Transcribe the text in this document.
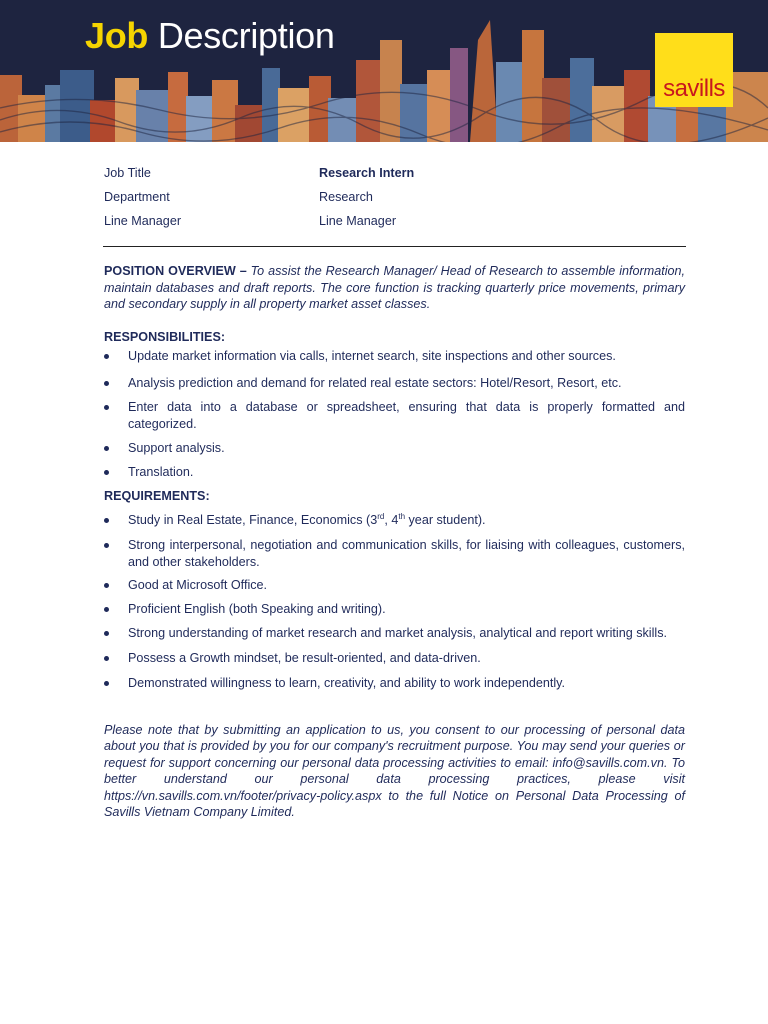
Job Description
savills
Job Title	Research Intern
Department	Research
Line Manager	Line Manager
POSITION OVERVIEW – To assist the Research Manager/ Head of Research to assemble information, maintain databases and draft reports. The core function is tracking quarterly price movements, primary and secondary supply in all property market asset classes.
RESPONSIBILITIES:
Update market information via calls, internet search, site inspections and other sources.
Analysis prediction and demand for related real estate sectors: Hotel/Resort, Resort, etc.
Enter data into a database or spreadsheet, ensuring that data is properly formatted and categorized.
Support analysis.
Translation.
REQUIREMENTS:
Study in Real Estate, Finance, Economics (3rd, 4th year student).
Strong interpersonal, negotiation and communication skills, for liaising with colleagues, customers, and other stakeholders.
Good at Microsoft Office.
Proficient English (both Speaking and writing).
Strong understanding of market research and market analysis, analytical and report writing skills.
Possess a Growth mindset, be result-oriented, and data-driven.
Demonstrated willingness to learn, creativity, and ability to work independently.
Please note that by submitting an application to us, you consent to our processing of personal data about you that is provided by you for our company's recruitment purpose. You may send your queries or request for support concerning our personal data processing activities to email: info@savills.com.vn. To better understand our personal data processing practices, please visit https://vn.savills.com.vn/footer/privacy-policy.aspx to the full Notice on Personal Data Processing of Savills Vietnam Company Limited.
